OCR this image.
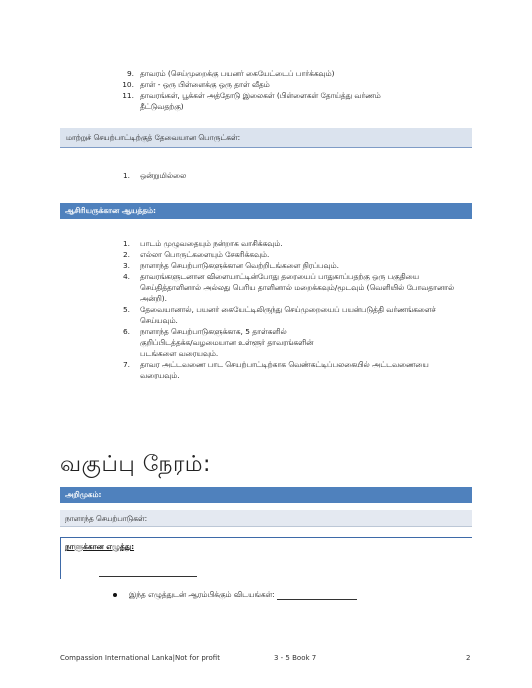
9. தாவரம் (செய்முறைக்கு பயனர் கையேட்டைப் பார்க்கவும்)
10. தாள் - ஒரு பிள்ளைக்கு ஒரு தாள் வீதம்
11. தாவரங்கள், பூக்கள் அத்தோடு இலைகள் (பிள்ளைகள் தோய்த்து வர்ணம் தீட்டுவதற்கு)
மாற்றுச் செயற்பாட்டிற்குத் தேவையான பொருட்கள்:
1. ஒன்றுமில்லை
ஆசிரியருக்கான ஆயத்தம்:
1. பாடம் முழுவதையும் நன்றாக வாசிக்கவும்.
2. எல்லா பொருட்களையும் சேகரிக்கவும்.
3. நாளாந்த செயற்பாடுகளுக்கான வெற்றிடங்களை நிரப்பவும்.
4. தாவரங்களுடனான விளையாட்டின்போது தரையைப் பாதுகாப்பதற்கு ஒரு பகுதியை செய்தித்தாளினால் அல்லது பெரிய தாளினால் மறைக்கவும்/மூடவும் (வெளியில் போவதானால் அன்றி).
5. தேவையானால், பயனர் கையேட்டிலிருந்து செய்முறையைப் பயன்படுத்தி வர்ணங்களைச் செய்யவும்.
6. நாளாந்த செயற்பாடுகளுக்காக, 5 தாள்களில் குறிப்பிடத்தக்க/வழமையான உள்ளூர் தாவரங்களின் படங்களை வரையவும்.
7. தாவர அட்டவணை பாட செயற்பாட்டிற்காக வெண்கட்டிப்பலகையில் அட்டவணையை வரையவும்.
வகுப்பு நேரம்:
அறிமுகம்:
நாளாந்த செயற்பாடுகள்:
நாளுக்கான எழுத்து:
இந்த எழுத்துடன் ஆரம்பிக்கும் விடயங்கள்:
Compassion International Lanka|Not for profit	3 - 5 Book 7	2
